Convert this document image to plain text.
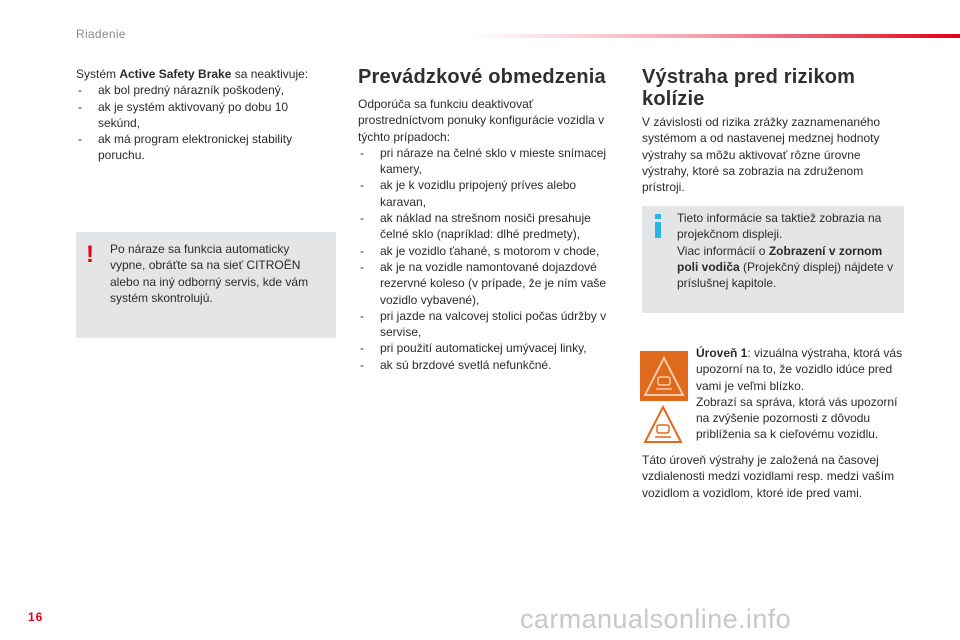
Riadenie

Systém Active Safety Brake sa neaktivuje:

- ak bol predný nárazník poškodený,
- ak je systém aktivovaný po dobu 10 sekúnd,
- ak má program elektronickej stability poruchu.
!	Po náraze sa funkcia automaticky vypne, obráťte sa na sieť CITROËN alebo na iný odborný servis, kde vám systém skontrolujú.
Prevádzkové obmedzenia

Odporúča sa funkciu deaktivovať prostredníctvom ponuky konfigurácie vozidla v týchto prípadoch:

- pri náraze na čelné sklo v mieste snímacej kamery,
- ak je k vozidlu pripojený príves alebo karavan,
- ak náklad na strešnom nosiči presahuje čelné sklo (napríklad: dlhé predmety),
- ak je vozidlo ťahané, s motorom v chode,
- ak je na vozidle namontované dojazdové rezervné koleso (v prípade, že je ním vaše vozidlo vybavené),
- pri jazde na valcovej stolici počas údržby v servise,
- pri použití automatickej umývacej linky,
- ak sú brzdové svetlá nefunkčné.
Výstraha pred rizikom kolízie
V závislosti od rizika zrážky zaznamenaného systémom a od nastavenej medznej hodnoty výstrahy sa môžu aktivovať rôzne úrovne výstrahy, ktoré sa zobrazia na združenom prístroji.

Tieto informácie sa taktiež zobrazia na projekčnom displeji.

Viac informácií o Zobrazení v zornom poli vodiča (Projekčný displej) nájdete v príslušnej kapitole.

Úroveň 1: vizuálna výstraha, ktorá vás upozorní na to, že vozidlo idúce pred vami je veľmi blízko.

Zobrazí sa správa, ktorá vás upozorní na zvýšenie pozornosti z dôvodu priblíženia sa k cieľovému vozidlu.

Táto úroveň výstrahy je založená na časovej vzdialenosti medzi vozidlami resp. medzi vaším vozidlom a vozidlom, ktoré ide pred vami.
16	carmanualsonline.info
